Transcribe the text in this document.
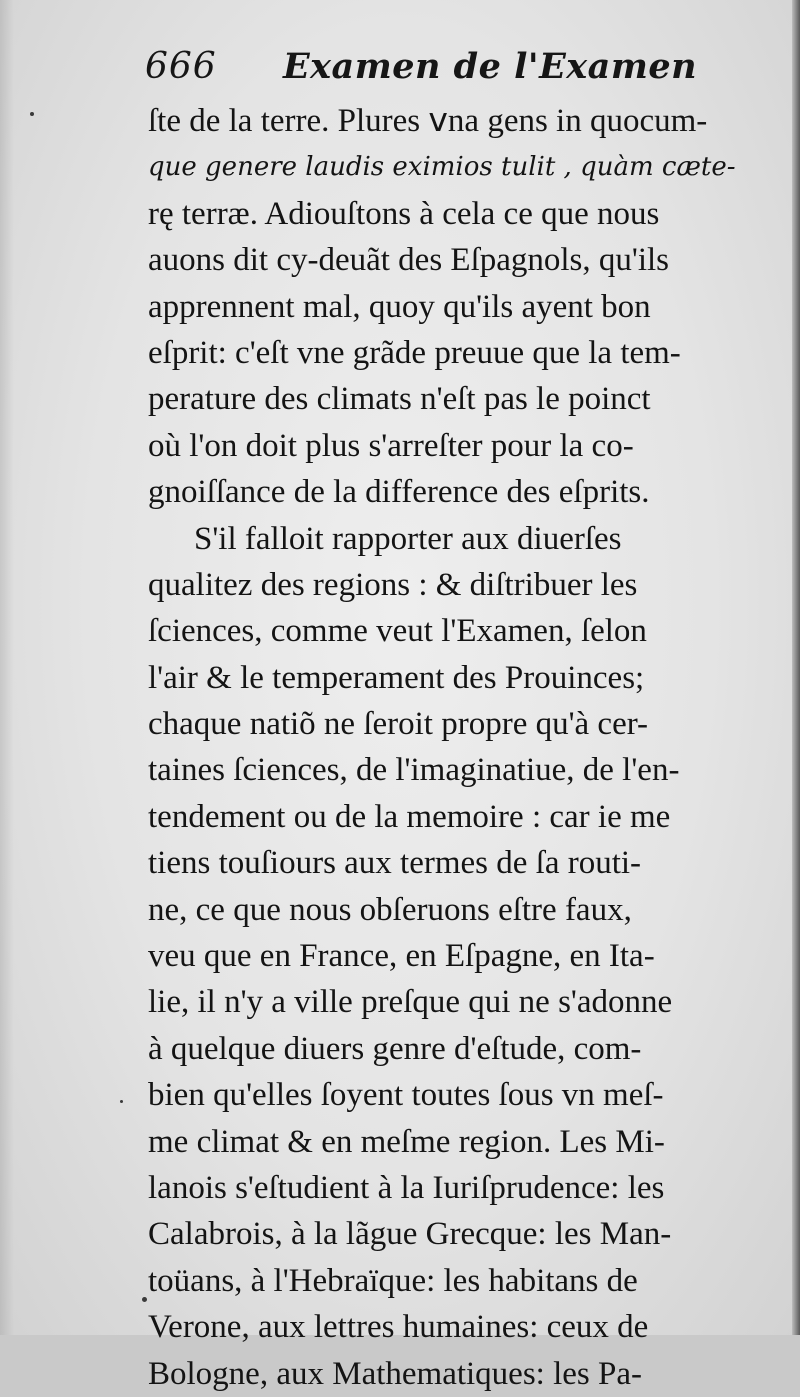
666 Examen de l'Examen
ſte de la terre. Plures ⅴna gens in quocum-
que genere laudis eximios tulit , quàm cæte-
rę terræ. Adiouſtons à cela ce que nous
auons dit cy-deuãt des Eſpagnols, qu'ils
apprennent mal, quoy qu'ils ayent bon
eſprit: c'eſt vne grãde preuue que la tem-
perature des climats n'eſt pas le poinct
où l'on doit plus s'arreſter pour la co-
gnoiſſance de la difference des eſprits.
S'il falloit rapporter aux diuerſes
qualitez des regions : & diſtribuer les
ſciences, comme veut l'Examen, ſelon
l'air & le temperament des Prouinces;
chaque natiõ ne ſeroit propre qu'à cer-
taines ſciences, de l'imaginatiue, de l'en-
tendement ou de la memoire : car ie me
tiens touſiours aux termes de ſa routi-
ne, ce que nous obſeruons eſtre faux,
veu que en France, en Eſpagne, en Ita-
lie, il n'y a ville preſque qui ne s'adonne
à quelque diuers genre d'eſtude, com-
bien qu'elles ſoyent toutes ſous vn meſ-
me climat & en meſme region. Les Mi-
lanois s'eſtudient à la Iuriſprudence: les
Calabrois, à la lãgue Grecque: les Man-
toüans, à l'Hebraïque: les habitans de
Verone, aux lettres humaines: ceux de
Bologne, aux Mathematiques: les Pa-
